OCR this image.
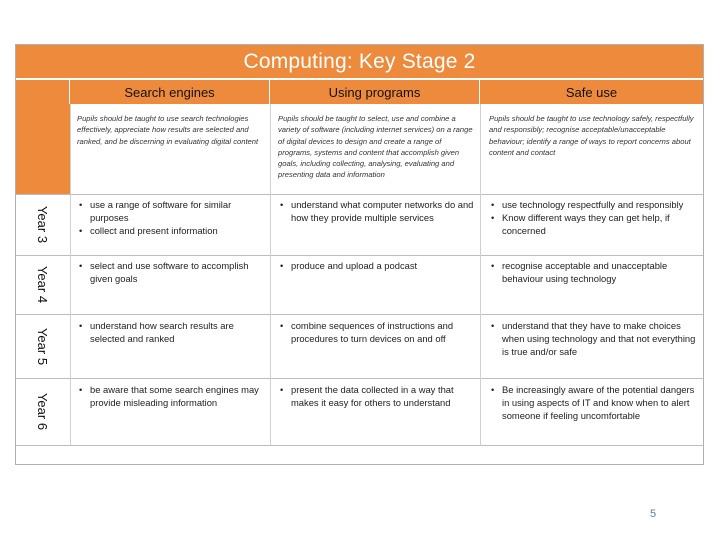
Computing: Key Stage 2
Search engines	Using programs	Safe use
Pupils should be taught to use search technologies effectively, appreciate how results are selected and ranked, and be discerning in evaluating digital content
Pupils should be taught to select, use and combine a variety of software (including internet services) on a range of digital devices to design and create a range of programs, systems and content that accomplish given goals, including collecting, analysing, evaluating and presenting data and information
Pupils should be taught to use technology safely, respectfully and responsibly; recognise acceptable/unacceptable behaviour; identify a range of ways to report concerns about content and contact
Year 3
Year 4
Year 5
Year 6
• use a range of software for similar purposes
• collect and present information
• understand what computer networks do and how they provide multiple services
• use technology respectfully and responsibly
• Know different ways they can get help, if concerned
• select and use software to accomplish given goals
• produce and upload a podcast
•	recognise acceptable and unacceptable behaviour using technology
• understand how search results are selected and ranked
• combine sequences of instructions and procedures to turn devices on and off
• understand that they have to make choices when using technology and that not everything is true and/or safe
• be aware that some search engines may provide misleading information
• present the data collected in a way that makes it easy for others to understand
• Be increasingly aware of the potential dangers in using aspects of IT and know when to alert someone if feeling uncomfortable
5
